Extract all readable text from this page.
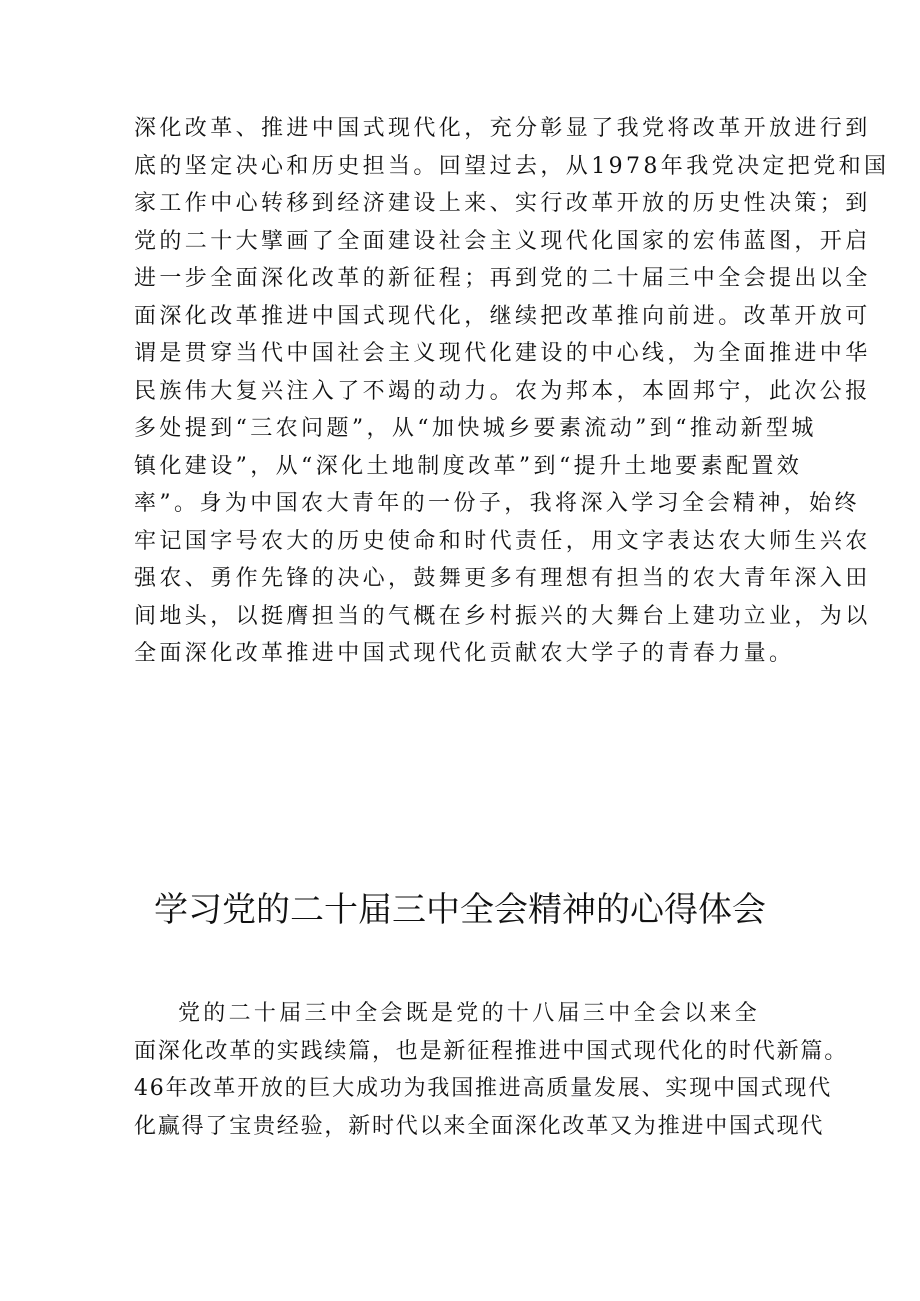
深化改革、推进中国式现代化，充分彰显了我党将改革开放进行到
底的坚定决心和历史担当。回望过去，从1978年我党决定把党和国
家工作中心转移到经济建设上来、实行改革开放的历史性决策；到
党的二十大擘画了全面建设社会主义现代化国家的宏伟蓝图，开启
进一步全面深化改革的新征程；再到党的二十届三中全会提出以全
面深化改革推进中国式现代化，继续把改革推向前进。改革开放可
谓是贯穿当代中国社会主义现代化建设的中心线，为全面推进中华
民族伟大复兴注入了不竭的动力。农为邦本，本固邦宁，此次公报
多处提到“三农问题”，从“加快城乡要素流动”到“推动新型城
镇化建设”，从“深化土地制度改革”到“提升土地要素配置效
率”。身为中国农大青年的一份子，我将深入学习全会精神，始终
牢记国字号农大的历史使命和时代责任，用文字表达农大师生兴农
强农、勇作先锋的决心，鼓舞更多有理想有担当的农大青年深入田
间地头，以挺膺担当的气概在乡村振兴的大舞台上建功立业，为以
全面深化改革推进中国式现代化贡献农大学子的青春力量。
学习党的二十届三中全会精神的心得体会
党的二十届三中全会既是党的十八届三中全会以来全
面深化改革的实践续篇，也是新征程推进中国式现代化的时代新篇。
46年改革开放的巨大成功为我国推进高质量发展、实现中国式现代
化赢得了宝贵经验，新时代以来全面深化改革又为推进中国式现代
